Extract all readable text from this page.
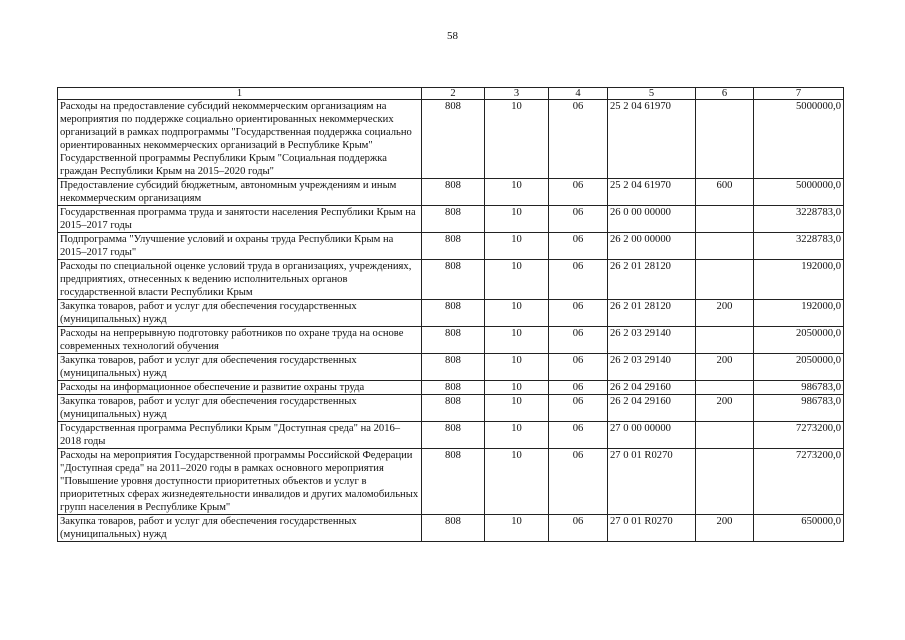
58
1	2	3	4	5	6	7
Расходы на предоставление субсидий некоммерческим организациям на мероприятия по поддержке социально ориентированных некоммерческих организаций в рамках подпрограммы "Государственная поддержка социально ориентированных некоммерческих организаций в Республике Крым" Государственной программы Республики Крым "Социальная поддержка граждан Республики Крым на 2015–2020 годы"	808	10	06	25 2 04 61970		5000000,0
Предоставление субсидий бюджетным, автономным учреждениям и иным некоммерческим организациям	808	10	06	25 2 04 61970	600	5000000,0
Государственная программа труда и занятости населения Республики Крым на 2015–2017 годы	808	10	06	26 0 00 00000		3228783,0
Подпрограмма "Улучшение условий и охраны труда Республики Крым на 2015–2017 годы"	808	10	06	26 2 00 00000		3228783,0
Расходы по специальной оценке условий труда в организациях, учреждениях, предприятиях, отнесенных к ведению исполнительных органов государственной власти Республики Крым	808	10	06	26 2 01 28120		192000,0
Закупка товаров, работ и услуг для обеспечения государственных (муниципальных) нужд	808	10	06	26 2 01 28120	200	192000,0
Расходы на непрерывную подготовку работников по охране труда на основе современных технологий обучения	808	10	06	26 2 03 29140		2050000,0
Закупка товаров, работ и услуг для обеспечения государственных (муниципальных) нужд	808	10	06	26 2 03 29140	200	2050000,0
Расходы на информационное обеспечение и развитие охраны труда	808	10	06	26 2 04 29160		986783,0
Закупка товаров, работ и услуг для обеспечения государственных (муниципальных) нужд	808	10	06	26 2 04 29160	200	986783,0
Государственная программа Республики Крым "Доступная среда" на 2016–2018 годы	808	10	06	27 0 00 00000		7273200,0
Расходы на мероприятия Государственной программы Российской Федерации "Доступная среда" на 2011–2020 годы в рамках основного мероприятия "Повышение уровня доступности приоритетных объектов и услуг в приоритетных сферах жизнедеятельности инвалидов и других маломобильных групп населения в Республике Крым"	808	10	06	27 0 01 R0270		7273200,0
Закупка товаров, работ и услуг для обеспечения государственных (муниципальных) нужд	808	10	06	27 0 01 R0270	200	650000,0
